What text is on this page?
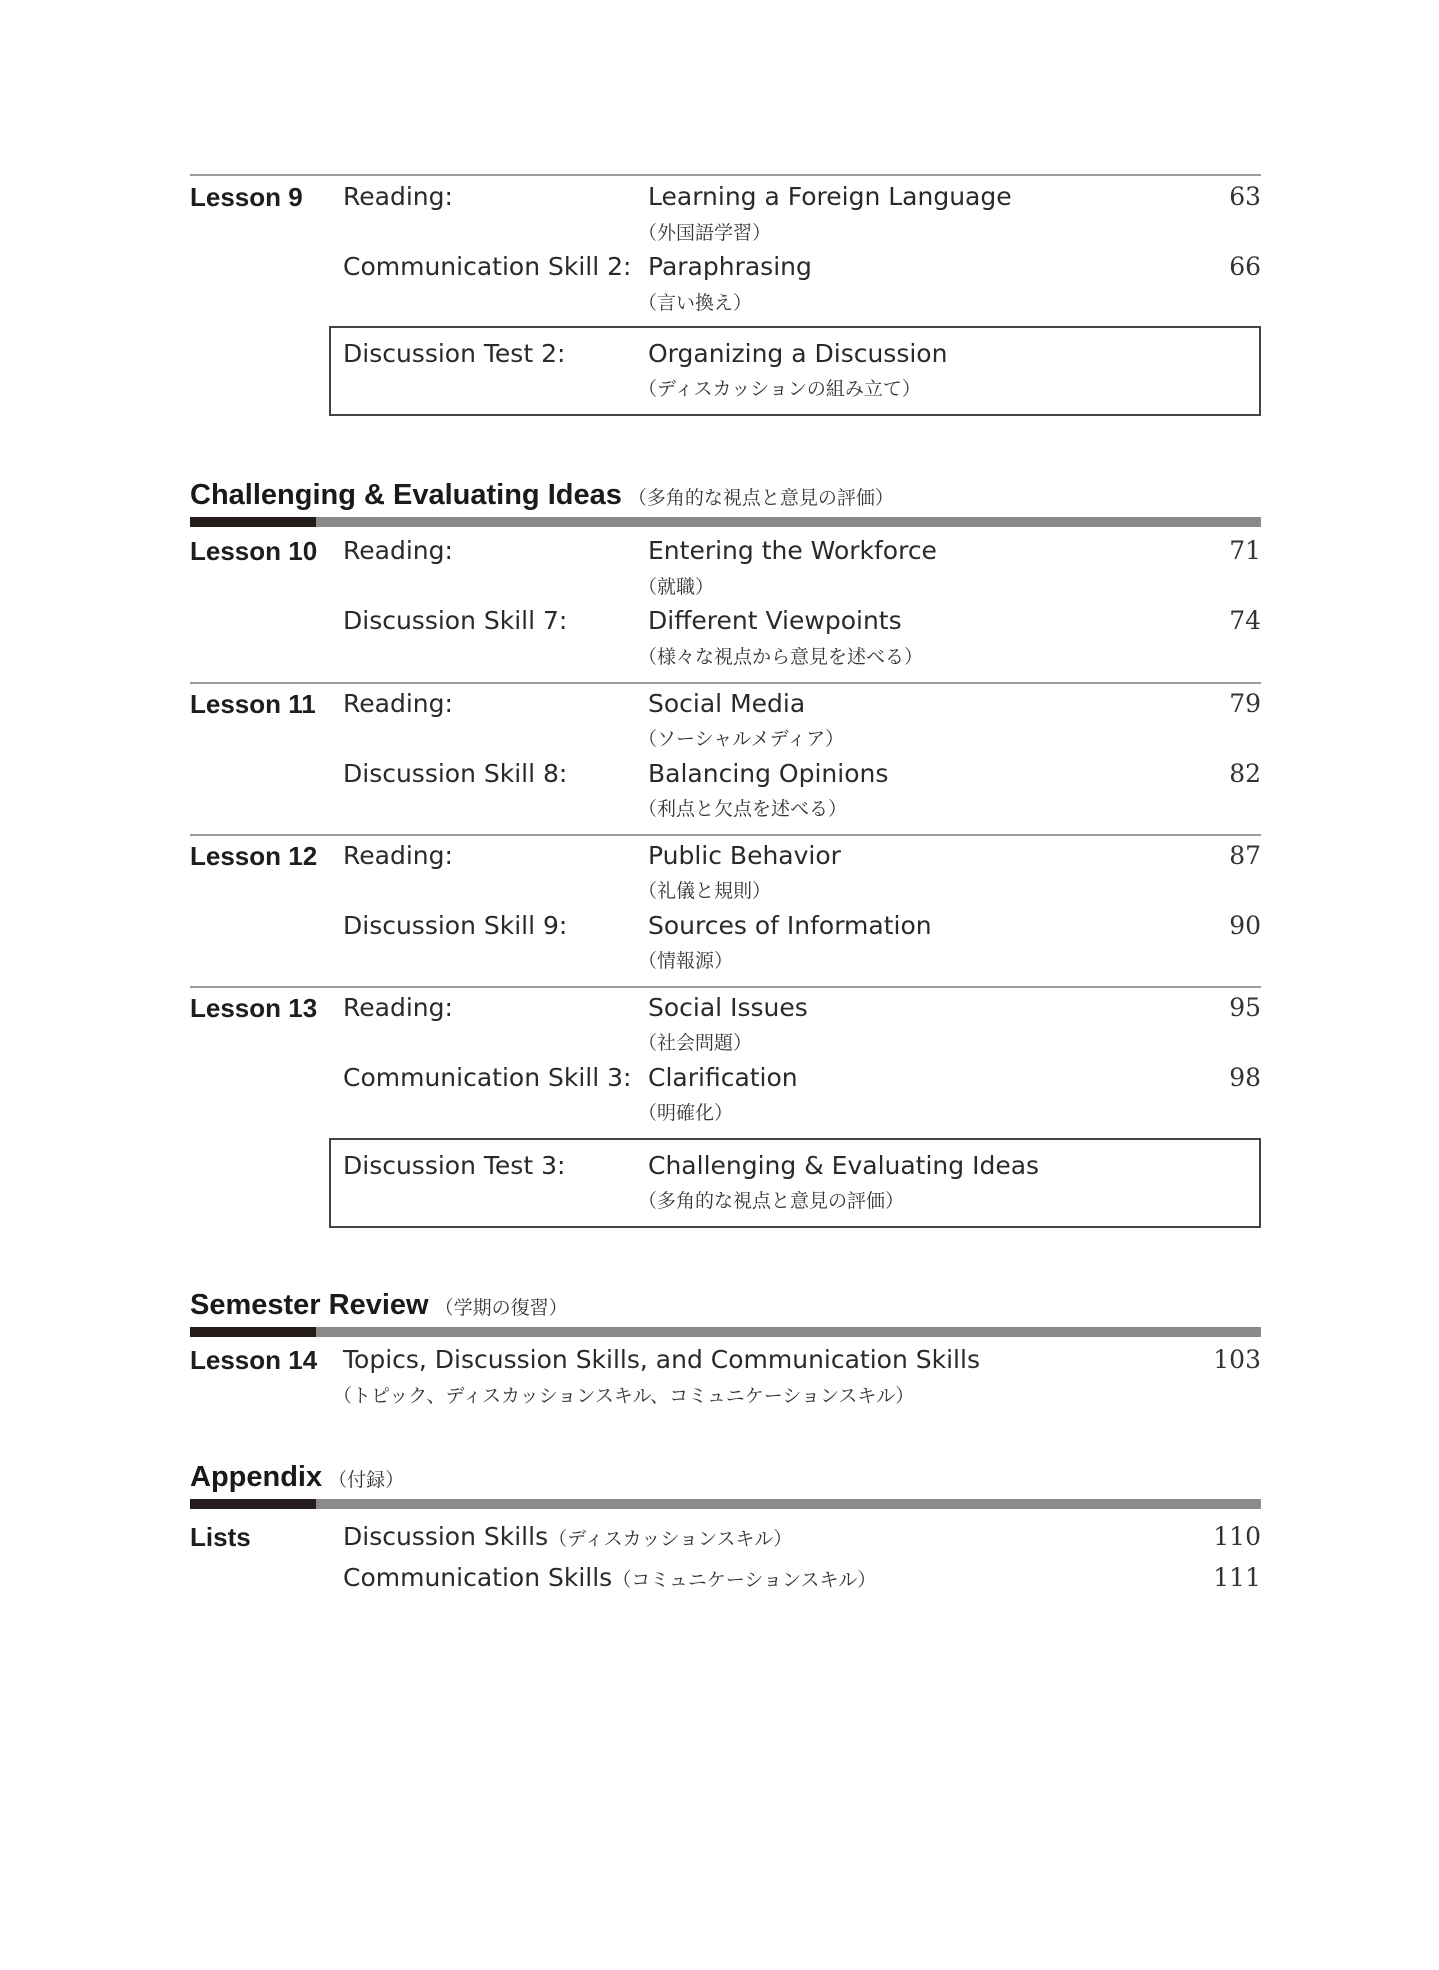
Lesson 9 Reading:	Learning a Foreign Language
（外国語学習）
63
Communication Skill 2: Paraphrasing
（言い換え）
66
Discussion Test 2:	Organizing a Discussion
（ディスカッションの組み立て）
Challenging & Evaluating Ideas （多角的な視点と意見の評価）
Lesson 10 Reading:	Entering the Workforce
（就職）
71
Discussion Skill 7:	Different Viewpoints
（様々な視点から意見を述べる）
74
Lesson 11 Reading:	Social Media
（ソーシャルメディア）
79
Discussion Skill 8:	Balancing Opinions
（利点と欠点を述べる）
82
Lesson 12 Reading:	Public Behavior
（礼儀と規則）
87
Discussion Skill 9:	Sources of Information
（情報源）
90
Lesson 13 Reading:	Social Issues
（社会問題）
95
Communication Skill 3: Clarification
（明確化）
98
Discussion Test 3:	Challenging & Evaluating Ideas
（多角的な視点と意見の評価）
Semester Review （学期の復習）
Lesson 14 Topics, Discussion Skills, and Communication Skills
（トピック、ディスカッションスキル、コミュニケーションスキル）
103
Appendix （付録）
Lists	Discussion Skills（ディスカッションスキル）	110
Communication Skills（コミュニケーションスキル）	111
